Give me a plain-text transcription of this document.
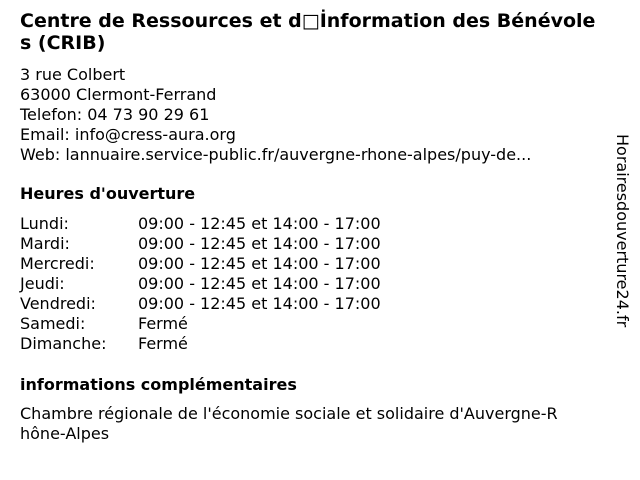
Centre de Ressources et d□İnformation des Bénévoles (CRIB)
3 rue Colbert
63000 Clermont-Ferrand
Telefon: 04 73 90 29 61
Email: info@cress-aura.org
Web: lannuaire.service-public.fr/auvergne-rhone-alpes/puy-de...
Heures d'ouverture
Lundi:	09:00 - 12:45 et 14:00 - 17:00
Mardi:	09:00 - 12:45 et 14:00 - 17:00
Mercredi:	09:00 - 12:45 et 14:00 - 17:00
Jeudi:	09:00 - 12:45 et 14:00 - 17:00
Vendredi:	09:00 - 12:45 et 14:00 - 17:00
Samedi:	Fermé
Dimanche: Fermé
informations complémentaires
Chambre régionale de l'économie sociale et solidaire d'Auvergne-Rhône-Alpes
Horairesdouverture24.fr
